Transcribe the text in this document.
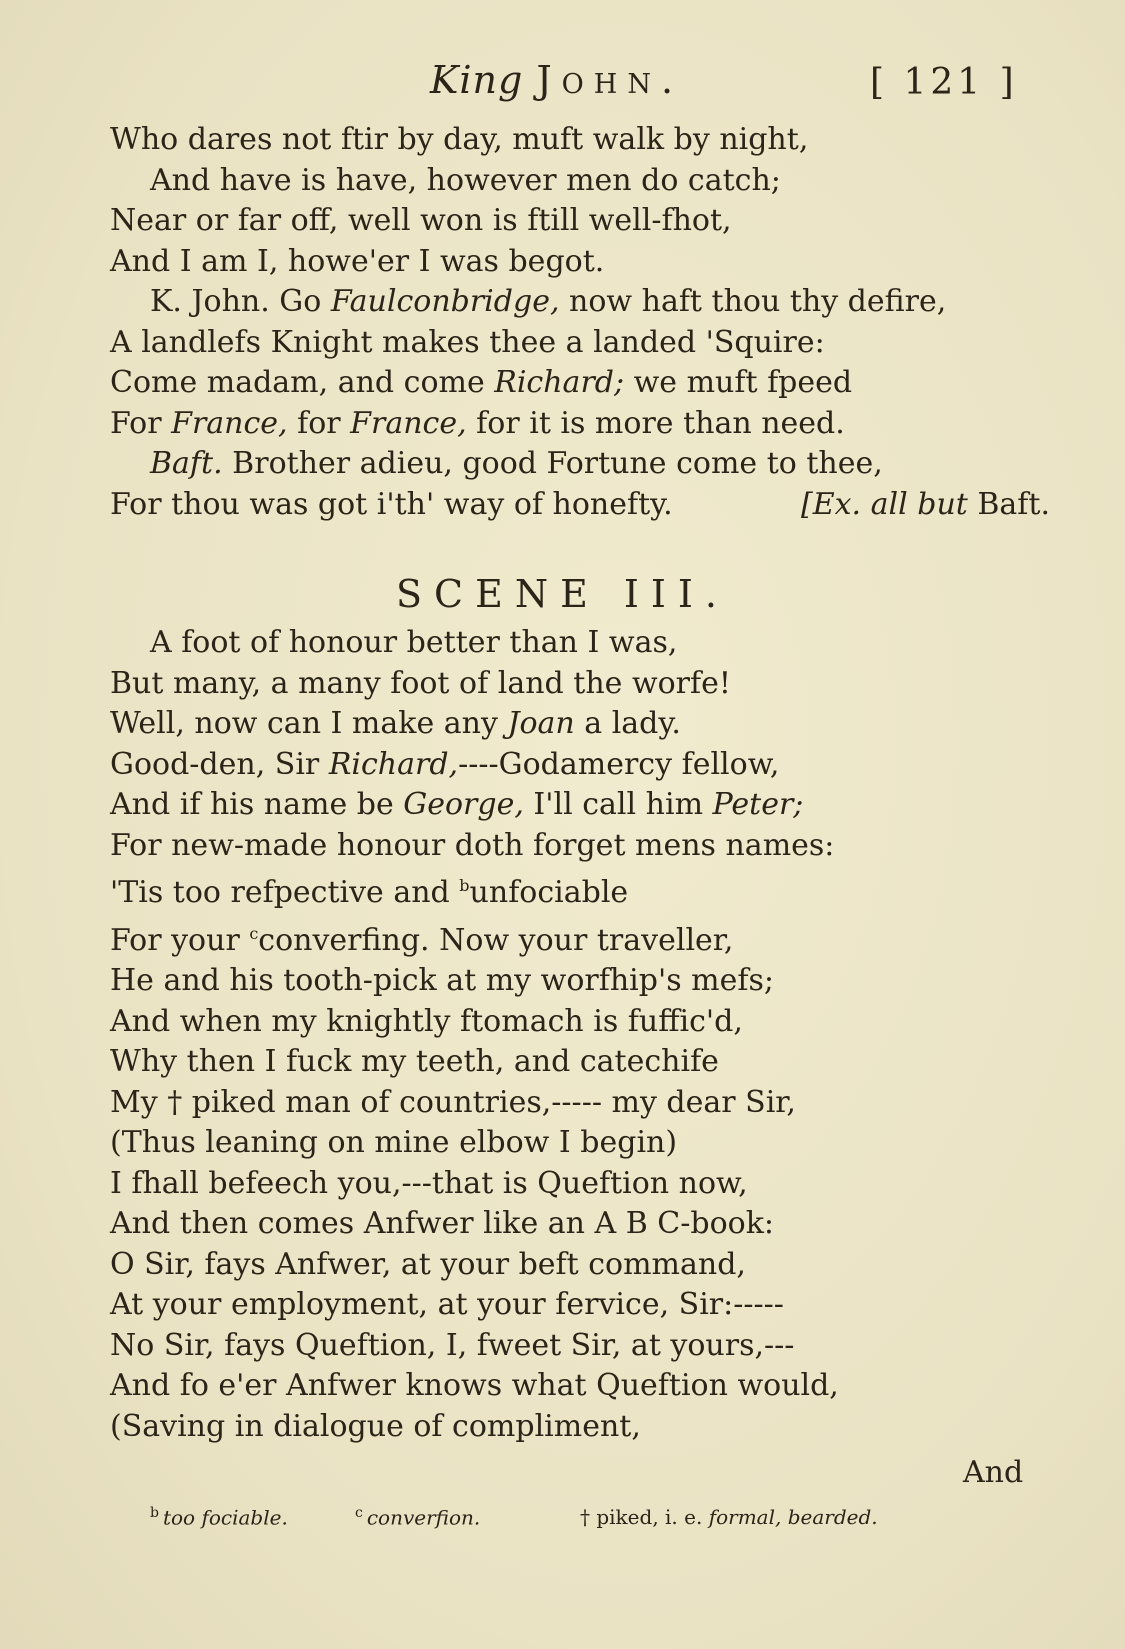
King John.	[ 121 ]
Who dares not ftir by day, muft walk by night,
And have is have, however men do catch;
Near or far off, well won is ftill well-fhot,
And I am I, howe'er I was begot.
K. John. Go Faulconbridge, now haft thou thy defire,
A landlefs Knight makes thee a landed 'Squire:
Come madam, and come Richard; we muft fpeed
For France, for France, for it is more than need.
Baft. Brother adieu, good Fortune come to thee,
For thou was got i'th' way of honefty.	[Ex. all but Baft.
SCENE III.
A foot of honour better than I was,
But many, a many foot of land the worfe!
Well, now can I make any Joan a lady.
Good-den, Sir Richard,----Godamercy fellow,
And if his name be George, I'll call him Peter;
For new-made honour doth forget mens names:
'Tis too refpective and $^b$unfociable
For your $^c$converfing. Now your traveller,
He and his tooth-pick at my worfhip's mefs;
And when my knightly ftomach is fuffic'd,
Why then I fuck my teeth, and catechife
My † piked man of countries,----- my dear Sir,
(Thus leaning on mine elbow I begin)
I fhall befeech you,---that is Queftion now,
And then comes Anfwer like an A B C-book:
O Sir, fays Anfwer, at your beft command,
At your employment, at your fervice, Sir:-----
No Sir, fays Queftion, I, fweet Sir, at yours,---
And fo e'er Anfwer knows what Queftion would,
(Saving in dialogue of compliment,
And
$^b$ too fociable.	$^c$ converfion.	† piked, i. e. formal, bearded.
